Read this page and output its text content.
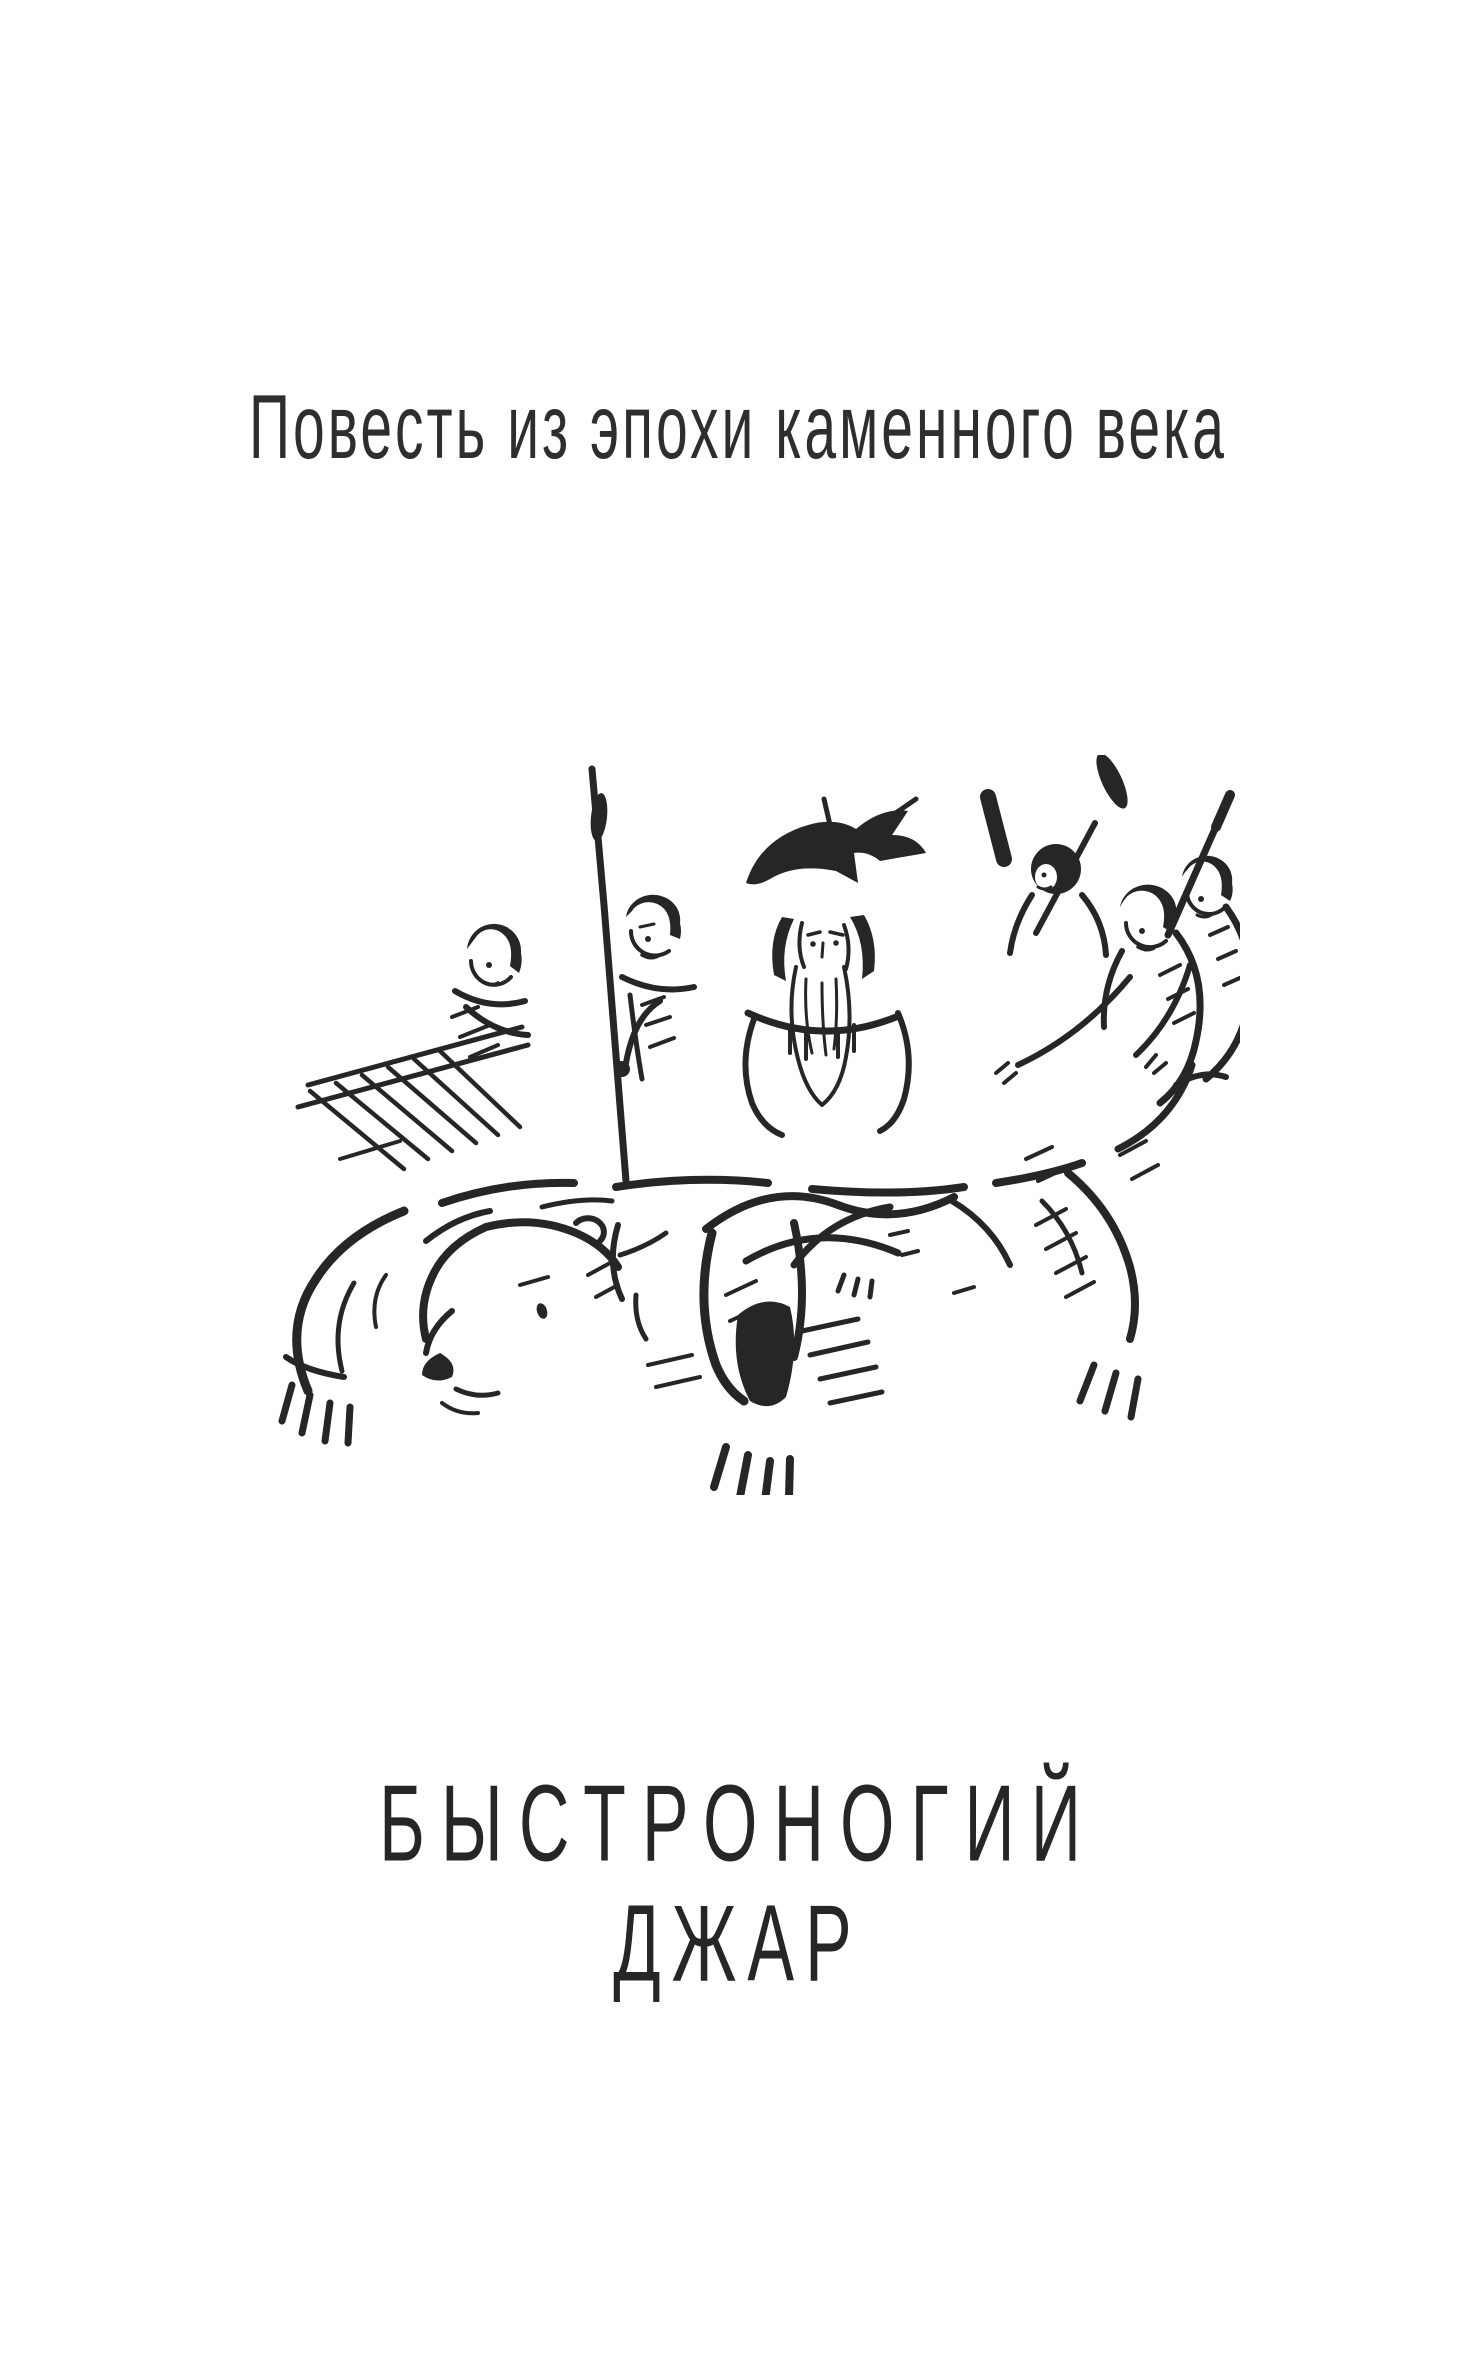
Повесть из эпохи каменного века
БЫСТРОНОГИЙ
ДЖАР
